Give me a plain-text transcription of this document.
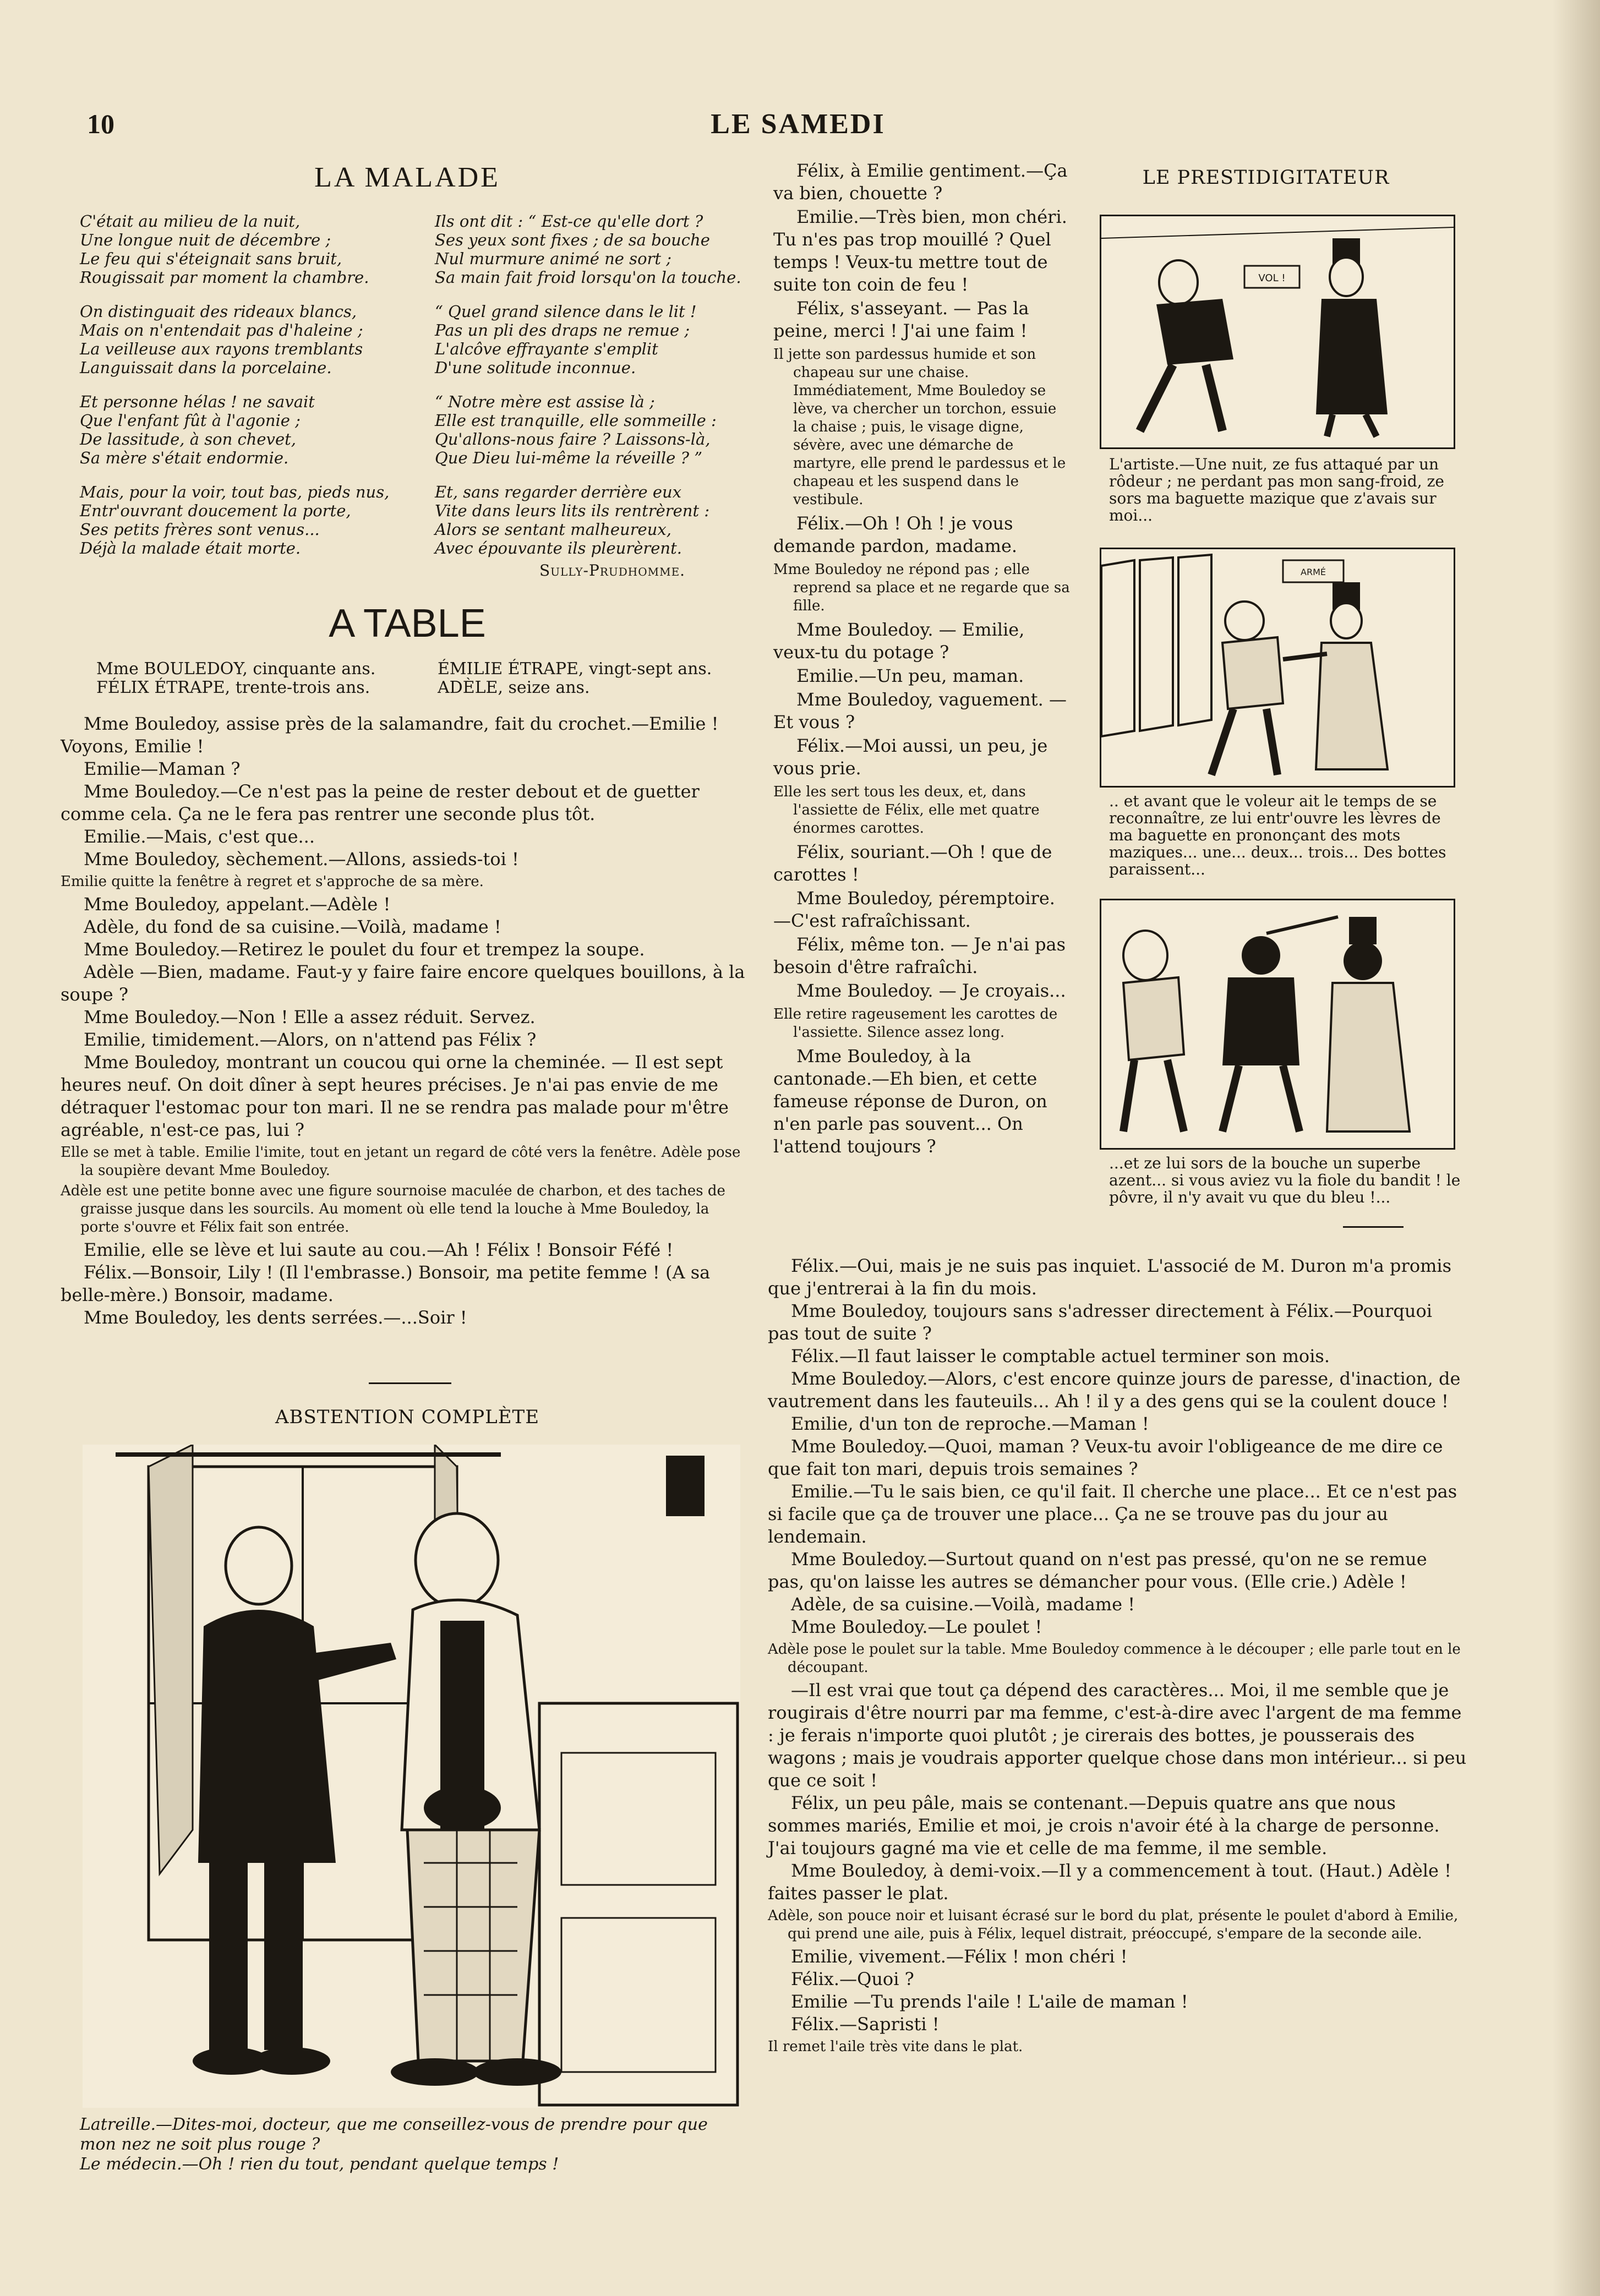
10	LE SAMEDI
LA MALADE

C'était au milieu de la nuit,

Une longue nuit de décembre ;

Le feu qui s'éteignait sans bruit,

Rougissait par moment la chambre.

On distinguait des rideaux blancs,

Mais on n'entendait pas d'haleine ;

La veilleuse aux rayons tremblants

Languissait dans la porcelaine.

Et personne hélas ! ne savait

Que l'enfant fût à l'agonie ;

De lassitude, à son chevet,

Sa mère s'était endormie.

Mais, pour la voir, tout bas, pieds nus,

Entr'ouvrant doucement la porte,

Ses petits frères sont venus...

Déjà la malade était morte.

Ils ont dit : “ Est-ce qu'elle dort ?

Ses yeux sont fixes ; de sa bouche

Nul murmure animé ne sort ;

Sa main fait froid lorsqu'on la touche.

“ Quel grand silence dans le lit !

Pas un pli des draps ne remue ;

L'alcôve effrayante s'emplit

D'une solitude inconnue.

“ Notre mère est assise là ;

Elle est tranquille, elle sommeille :

Qu'allons-nous faire ? Laissons-là,

Que Dieu lui-même la réveille ? ”

Et, sans regarder derrière eux

Vite dans leurs lits ils rentrèrent :

Alors se sentant malheureux,

Avec épouvante ils pleurèrent.

Sully-Prudhomme.
A TABLE
Mme BOULEDOY, cinquante ans.	ÉMILIE ÉTRAPE, vingt-sept ans.
FÉLIX ÉTRAPE, trente-trois ans.	ADÈLE, seize ans.

Mme Bouledoy, assise près de la salamandre, fait du crochet.—Emilie ! Voyons, Emilie !

Emilie—Maman ?

Mme Bouledoy.—Ce n'est pas la peine de rester debout et de guetter comme cela. Ça ne le fera pas rentrer une seconde plus tôt.

Emilie.—Mais, c'est que...

Mme Bouledoy, sèchement.—Allons, assieds-toi !

Emilie quitte la fenêtre à regret et s'approche de sa mère.

Mme Bouledoy, appelant.—Adèle !

Adèle, du fond de sa cuisine.—Voilà, madame !

Mme Bouledoy.—Retirez le poulet du four et trempez la soupe.

Adèle —Bien, madame. Faut-y y faire faire encore quelques bouillons, à la soupe ?

Mme Bouledoy.—Non ! Elle a assez réduit. Servez.

Emilie, timidement.—Alors, on n'attend pas Félix ?

Mme Bouledoy, montrant un coucou qui orne la cheminée. — Il est sept heures neuf. On doit dîner à sept heures précises. Je n'ai pas envie de me détraquer l'estomac pour ton mari. Il ne se rendra pas malade pour m'être agréable, n'est-ce pas, lui ?

Elle se met à table. Emilie l'imite, tout en jetant un regard de côté vers la fenêtre. Adèle pose la soupière devant Mme Bouledoy.

Adèle est une petite bonne avec une figure sournoise maculée de charbon, et des taches de graisse jusque dans les sourcils. Au moment où elle tend la louche à Mme Bouledoy, la porte s'ouvre et Félix fait son entrée.

Emilie, elle se lève et lui saute au cou.—Ah ! Félix ! Bonsoir Féfé !

Félix.—Bonsoir, Lily ! (Il l'embrasse.) Bonsoir, ma petite femme ! (A sa belle-mère.) Bonsoir, madame.

Mme Bouledoy, les dents serrées.—...Soir !

ABSTENTION COMPLÈTE

Latreille.—Dites-moi, docteur, que me conseillez-vous de prendre pour que mon nez ne soit plus rouge ?

Le médecin.—Oh ! rien du tout, pendant quelque temps !

Félix, à Emilie gentiment.—Ça va bien, chouette ?

Emilie.—Très bien, mon chéri. Tu n'es pas trop mouillé ? Quel temps ! Veux-tu mettre tout de suite ton coin de feu !

Félix, s'asseyant. — Pas la peine, merci ! J'ai une faim !

Il jette son pardessus humide et son chapeau sur une chaise. Immédiatement, Mme Bouledoy se lève, va chercher un torchon, essuie la chaise ; puis, le visage digne, sévère, avec une démarche de martyre, elle prend le pardessus et le chapeau et les suspend dans le vestibule.

Félix.—Oh ! Oh ! je vous demande pardon, madame.

Mme Bouledoy ne répond pas ; elle reprend sa place et ne regarde que sa fille.

Mme Bouledoy. — Emilie, veux-tu du potage ?

Emilie.—Un peu, maman.

Mme Bouledoy, vaguement. —Et vous ?

Félix.—Moi aussi, un peu, je vous prie.

Elle les sert tous les deux, et, dans l'assiette de Félix, elle met quatre énormes carottes.

Félix, souriant.—Oh ! que de carottes !

Mme Bouledoy, péremptoire. —C'est rafraîchissant.

Félix, même ton. — Je n'ai pas besoin d'être rafraîchi.

Mme Bouledoy. — Je croyais...

Elle retire rageusement les carottes de l'assiette. Silence assez long.

Mme Bouledoy, à la cantonade.—Eh bien, et cette fameuse réponse de Duron, on n'en parle pas souvent... On l'attend toujours ?

LE PRESTIDIGITATEUR
VOL !
L'artiste.—Une nuit, ze fus attaqué par un rôdeur ; ne perdant pas mon sang-froid, ze sors ma baguette mazique que z'avais sur moi...
ARMÉ
.. et avant que le voleur ait le temps de se reconnaître, ze lui entr'ouvre les lèvres de ma baguette en prononçant des mots maziques... une... deux... trois... Des bottes paraissent...
...et ze lui sors de la bouche un superbe azent... si vous aviez vu la fiole du bandit ! le pôvre, il n'y avait vu que du bleu !...

Félix.—Oui, mais je ne suis pas inquiet. L'associé de M. Duron m'a promis que j'entrerai à la fin du mois.

Mme Bouledoy, toujours sans s'adresser directement à Félix.—Pourquoi pas tout de suite ?

Félix.—Il faut laisser le comptable actuel terminer son mois.

Mme Bouledoy.—Alors, c'est encore quinze jours de paresse, d'inaction, de vautrement dans les fauteuils... Ah ! il y a des gens qui se la coulent douce !

Emilie, d'un ton de reproche.—Maman !

Mme Bouledoy.—Quoi, maman ? Veux-tu avoir l'obligeance de me dire ce que fait ton mari, depuis trois semaines ?

Emilie.—Tu le sais bien, ce qu'il fait. Il cherche une place... Et ce n'est pas si facile que ça de trouver une place... Ça ne se trouve pas du jour au lendemain.

Mme Bouledoy.—Surtout quand on n'est pas pressé, qu'on ne se remue pas, qu'on laisse les autres se démancher pour vous. (Elle crie.) Adèle !

Adèle, de sa cuisine.—Voilà, madame !

Mme Bouledoy.—Le poulet !

Adèle pose le poulet sur la table. Mme Bouledoy commence à le découper ; elle parle tout en le découpant.

—Il est vrai que tout ça dépend des caractères... Moi, il me semble que je rougirais d'être nourri par ma femme, c'est-à-dire avec l'argent de ma femme : je ferais n'importe quoi plutôt ; je cirerais des bottes, je pousserais des wagons ; mais je voudrais apporter quelque chose dans mon intérieur... si peu que ce soit !

Félix, un peu pâle, mais se contenant.—Depuis quatre ans que nous sommes mariés, Emilie et moi, je crois n'avoir été à la charge de personne. J'ai toujours gagné ma vie et celle de ma femme, il me semble.

Mme Bouledoy, à demi-voix.—Il y a commencement à tout. (Haut.) Adèle ! faites passer le plat.

Adèle, son pouce noir et luisant écrasé sur le bord du plat, présente le poulet d'abord à Emilie, qui prend une aile, puis à Félix, lequel distrait, préoccupé, s'empare de la seconde aile.

Emilie, vivement.—Félix ! mon chéri !

Félix.—Quoi ?

Emilie —Tu prends l'aile ! L'aile de maman !

Félix.—Sapristi !

Il remet l'aile très vite dans le plat.
